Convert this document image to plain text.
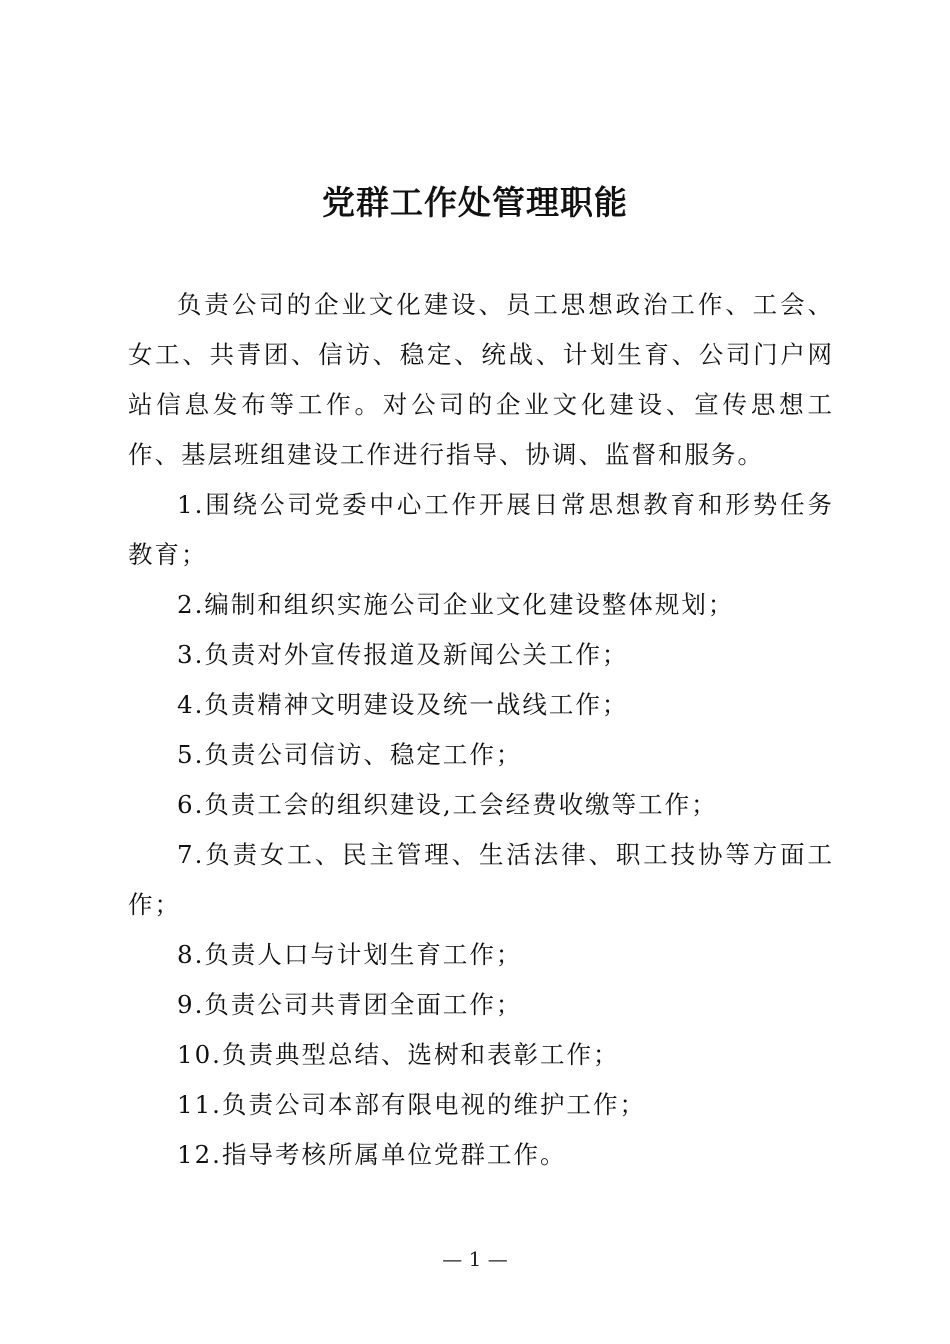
党群工作处管理职能

负责公司的企业文化建设、员工思想政治工作、工会、女工、共青团、信访、稳定、统战、计划生育、公司门户网站信息发布等工作。对公司的企业文化建设、宣传思想工作、基层班组建设工作进行指导、协调、监督和服务。

1.围绕公司党委中心工作开展日常思想教育和形势任务教育；

2.编制和组织实施公司企业文化建设整体规划；

3.负责对外宣传报道及新闻公关工作；

4.负责精神文明建设及统一战线工作；

5.负责公司信访、稳定工作；

6.负责工会的组织建设,工会经费收缴等工作；

7.负责女工、民主管理、生活法律、职工技协等方面工作；

8.负责人口与计划生育工作；

9.负责公司共青团全面工作；

10.负责典型总结、选树和表彰工作；

11.负责公司本部有限电视的维护工作；

12.指导考核所属单位党群工作。

— 1 —
